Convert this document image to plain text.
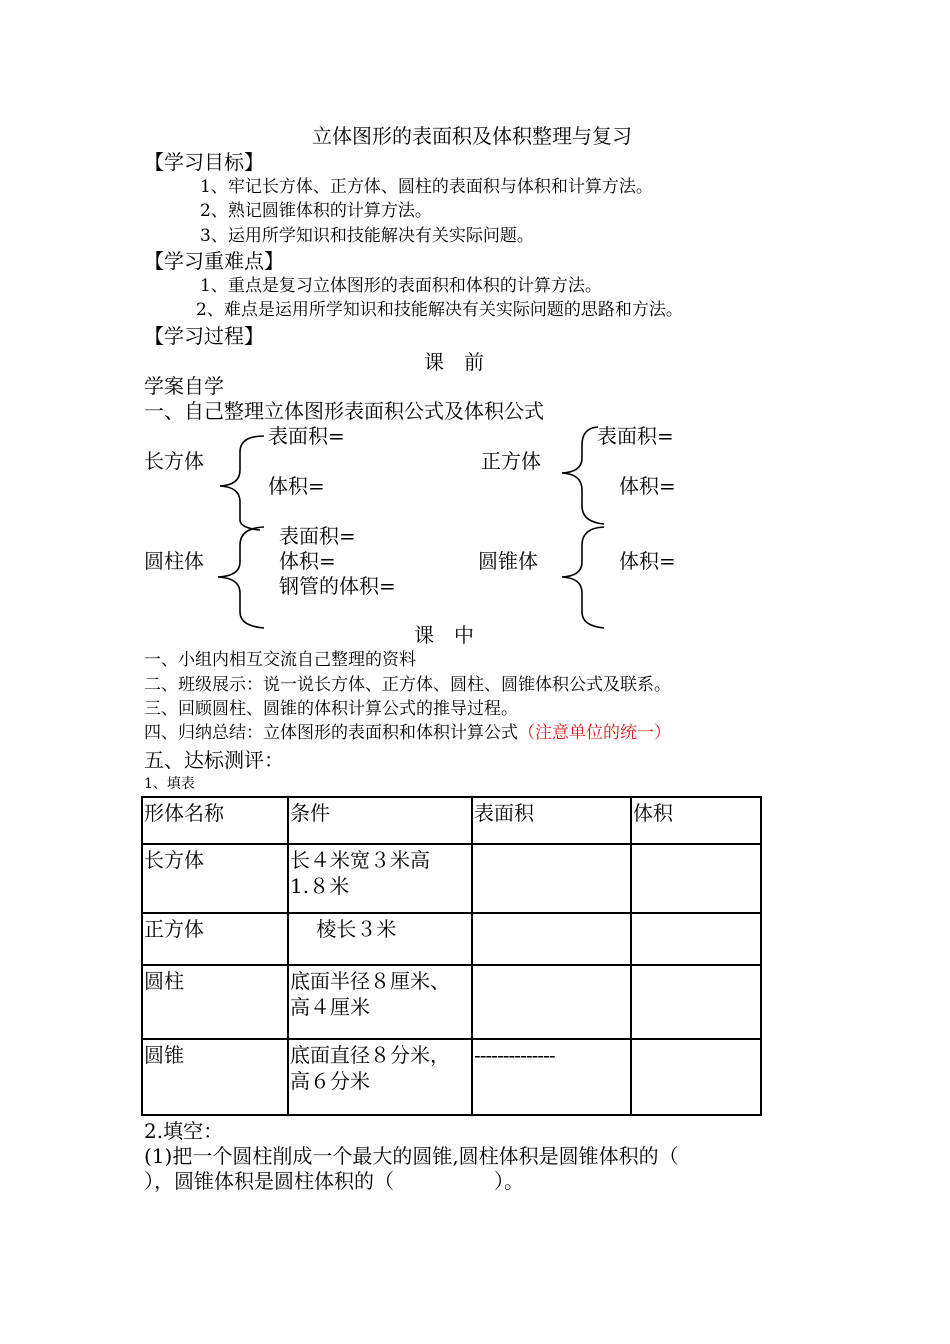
立体图形的表面积及体积整理与复习
【学习目标】
1、牢记长方体、正方体、圆柱的表面积与体积和计算方法。
2、熟记圆锥体积的计算方法。
3、运用所学知识和技能解决有关实际问题。
【学习重难点】
1、重点是复习立体图形的表面积和体积的计算方法。
2、难点是运用所学知识和技能解决有关实际问题的思路和方法。
【学习过程】
课　前
学案自学
一、自己整理立体图形表面积公式及体积公式
表面积=
长方体
体积=
表面积=
正方体
体积=
表面积=
圆柱体	体积=
钢管的体积=
圆锥体	体积=
课　中
一、小组内相互交流自己整理的资料
二、班级展示：说一说长方体、正方体、圆柱、圆锥体积公式及联系。
三、回顾圆柱、圆锥的体积计算公式的推导过程。
四、归纳总结：立体图形的表面积和体积计算公式（注意单位的统一）
五、达标测评：
1、填表
形体名称	条件	表面积	体积
长方体	长４米宽３米高
1.８米		
正方体	　 棱长３米		
圆柱	底面半径８厘米、
高４厘米		
圆锥	底面直径８分米，
高６分米	--------------	
2.填空：
(1)把一个圆柱削成一个最大的圆锥,圆柱体积是圆锥体积的（
），圆锥体积是圆柱体积的（　　　　　）。
